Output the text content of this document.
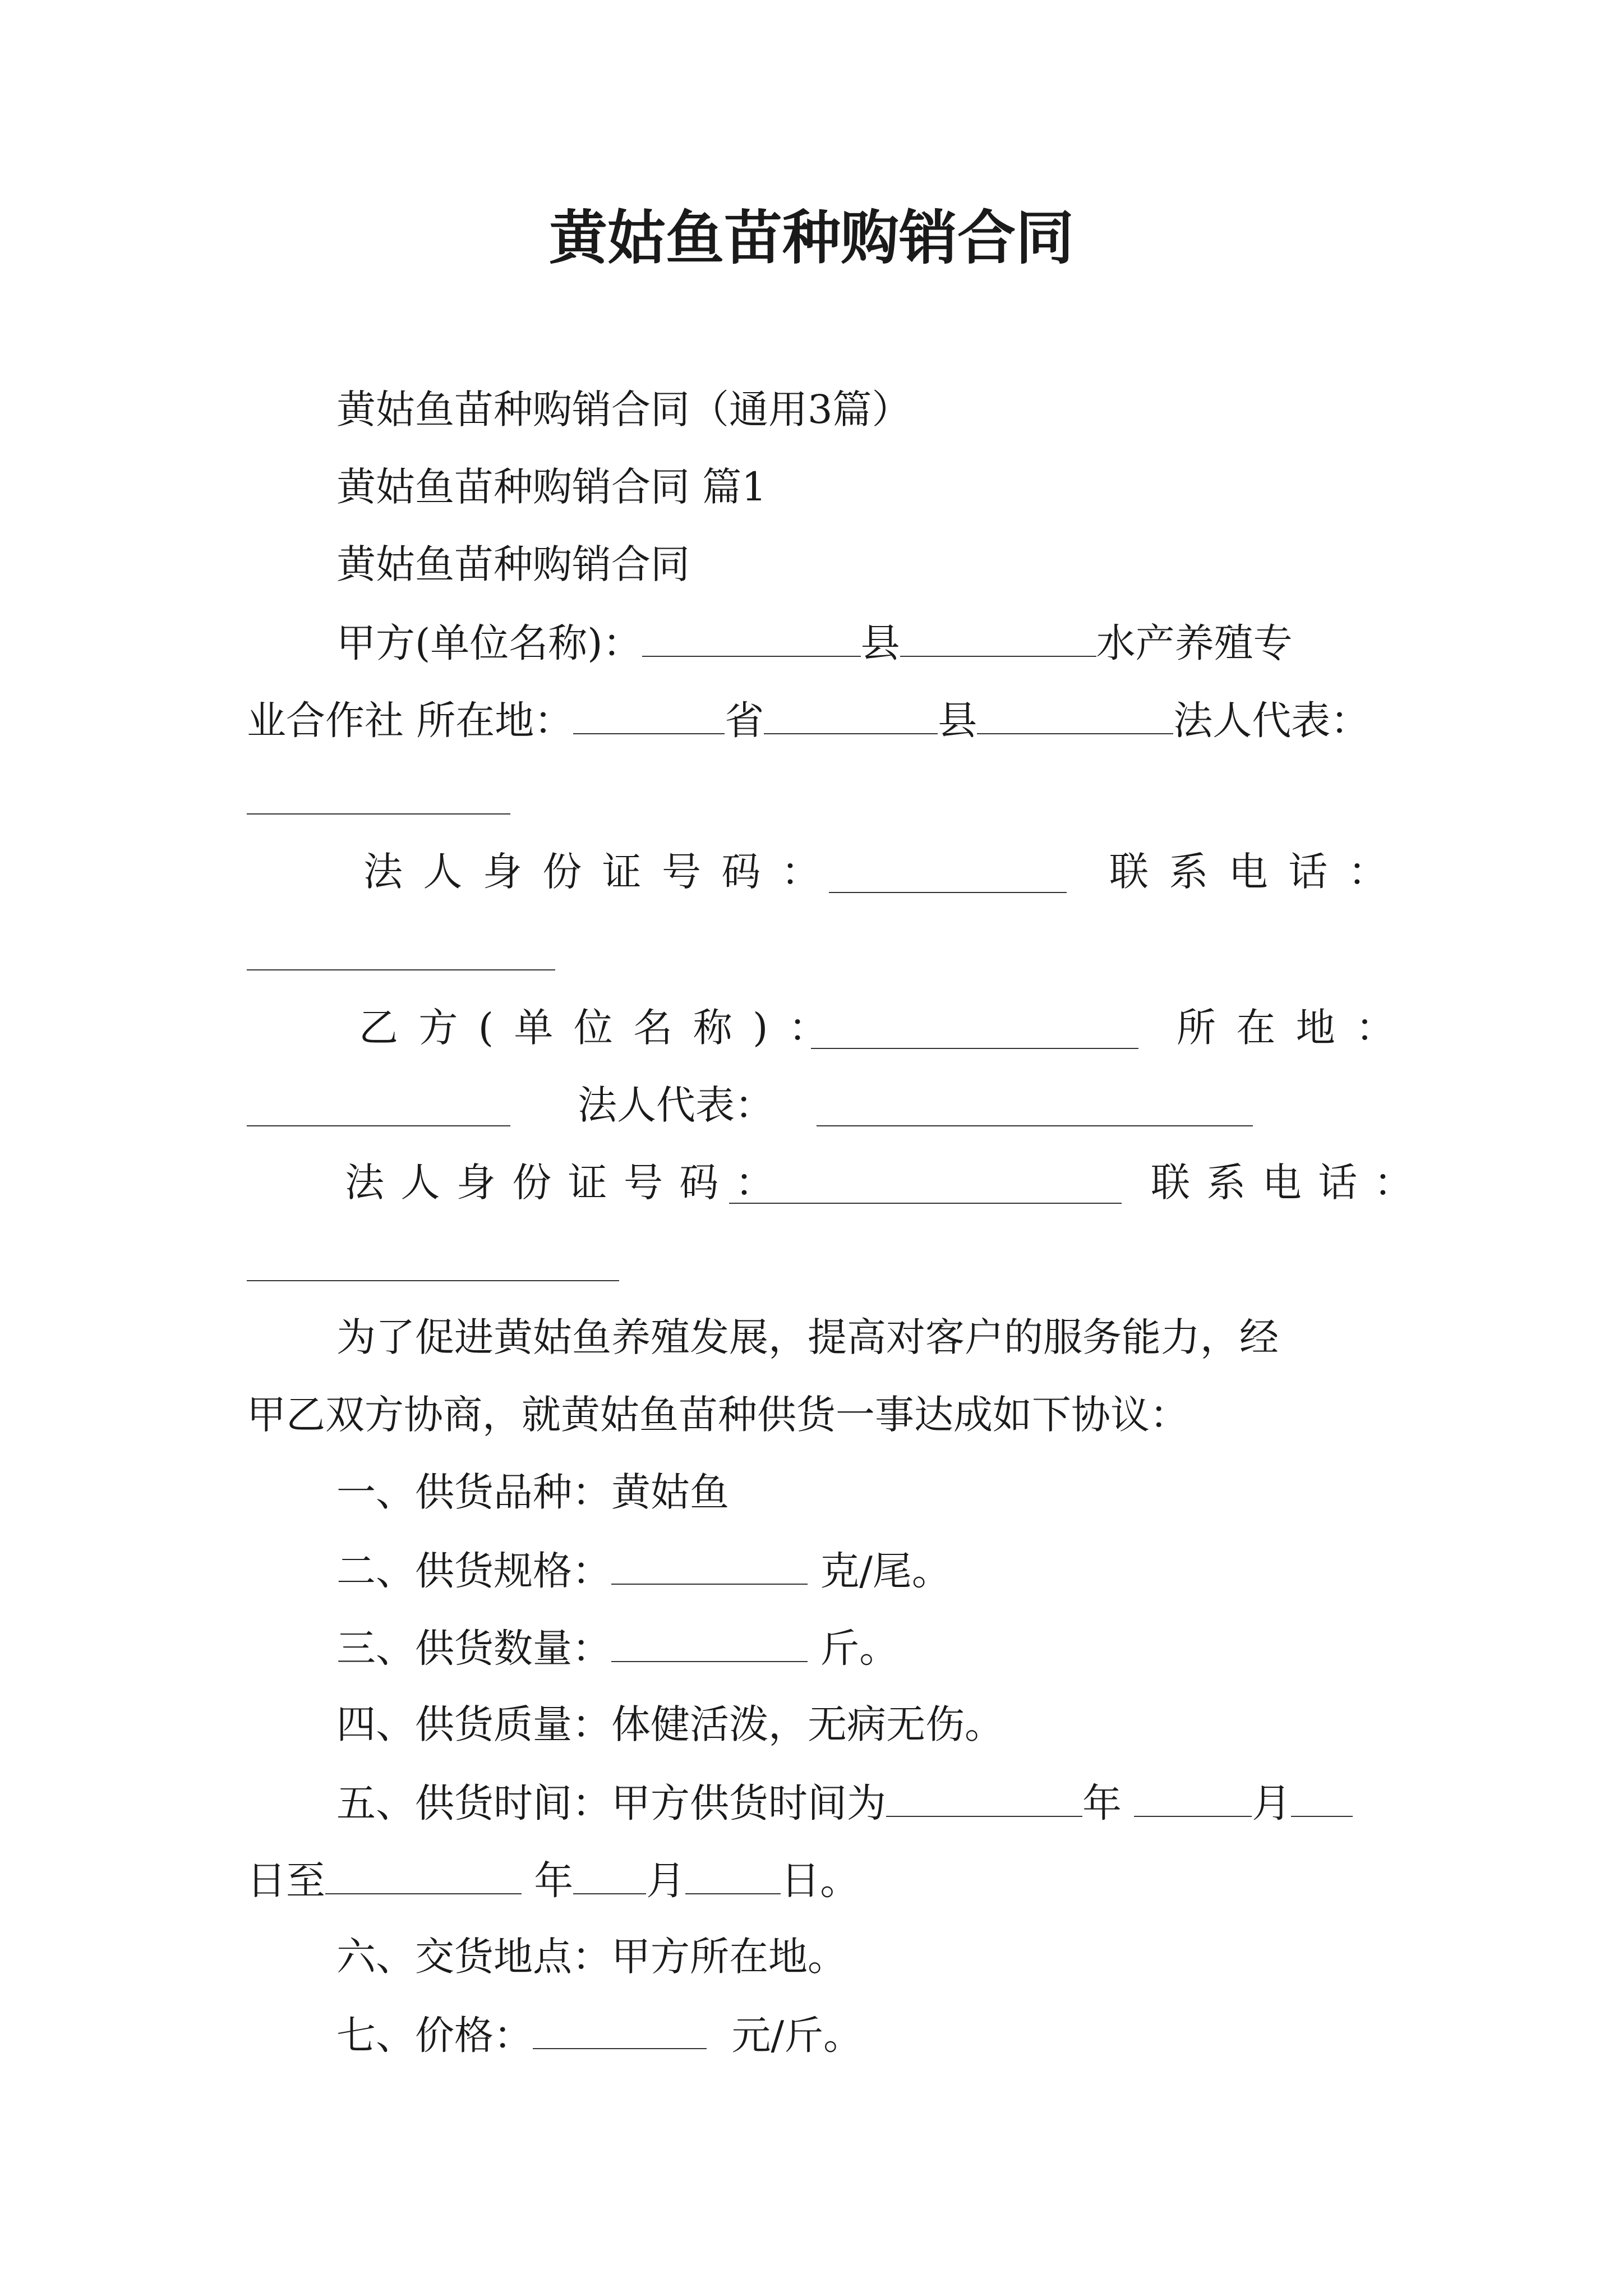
黄姑鱼苗种购销合同

黄姑鱼苗种购销合同（通用3篇）

黄姑鱼苗种购销合同 篇1

黄姑鱼苗种购销合同

甲方(单位名称)：	县	水产养殖专

业合作社 所在地：	省	县	法人代表：

法人身份证号码：	联系电话：

乙方(单位名称)：	所在地：

法人代表：

法人身份证号码：	联系电话：

为了促进黄姑鱼养殖发展，提高对客户的服务能力，经

甲乙双方协商，就黄姑鱼苗种供货一事达成如下协议：

一、供货品种：黄姑鱼

二、供货规格：	克/尾。

三、供货数量：	斤。

四、供货质量：体健活泼，无病无伤。

五、供货时间：甲方供货时间为	年	月

日至	年 月 日。

六、交货地点：甲方所在地。

七、价格：	元/斤。
